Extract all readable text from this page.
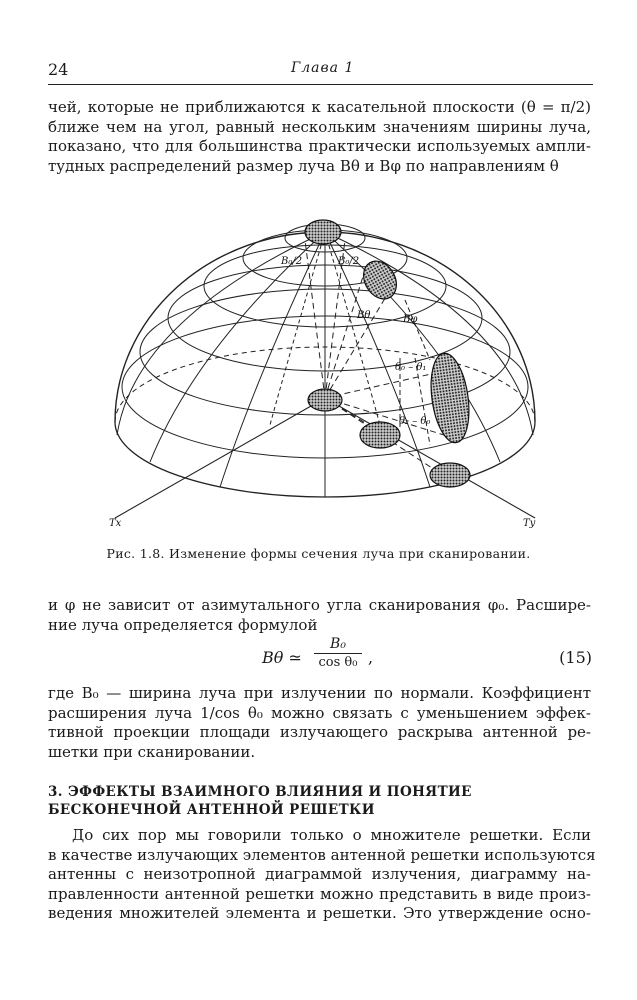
24	Глава 1
чей, которые не приближаются к касательной плоскости (θ = π/2)
ближе чем на угол, равный нескольким значениям ширины луча,
показано, что для большинства практически используемых ампли-
тудных распределений размер луча Bθ и Bφ по направлениям θ
B₀/2	B₀/2
Bθ	Bφ
θ₀ – θ₁
θ₂ – θ₀
Tx	Ty
Рис. 1.8. Изменение формы сечения луча при сканировании.
и φ не зависит от азимутального угла сканирования φ₀. Расшире-
ние луча определяется формулой
Bθ ≃ $\frac{\text{B₀}}{\text{cos θ₀}}$ ,	(15)
где B₀ — ширина луча при излучении по нормали. Коэффициент
расширения луча 1/cos θ₀ можно связать с уменьшением эффек-
тивной проекции площади излучающего раскрыва антенной ре-
шетки при сканировании.
3. ЭФФЕКТЫ ВЗАИМНОГО ВЛИЯНИЯ И ПОНЯТИЕ
БЕСКОНЕЧНОЙ АНТЕННОЙ РЕШЕТКИ
До сих пор мы говорили только о множителе решетки. Если
в качестве излучающих элементов антенной решетки используются
антенны с неизотропной диаграммой излучения, диаграмму на-
правленности антенной решетки можно представить в виде произ-
ведения множителей элемента и решетки. Это утверждение осно-
